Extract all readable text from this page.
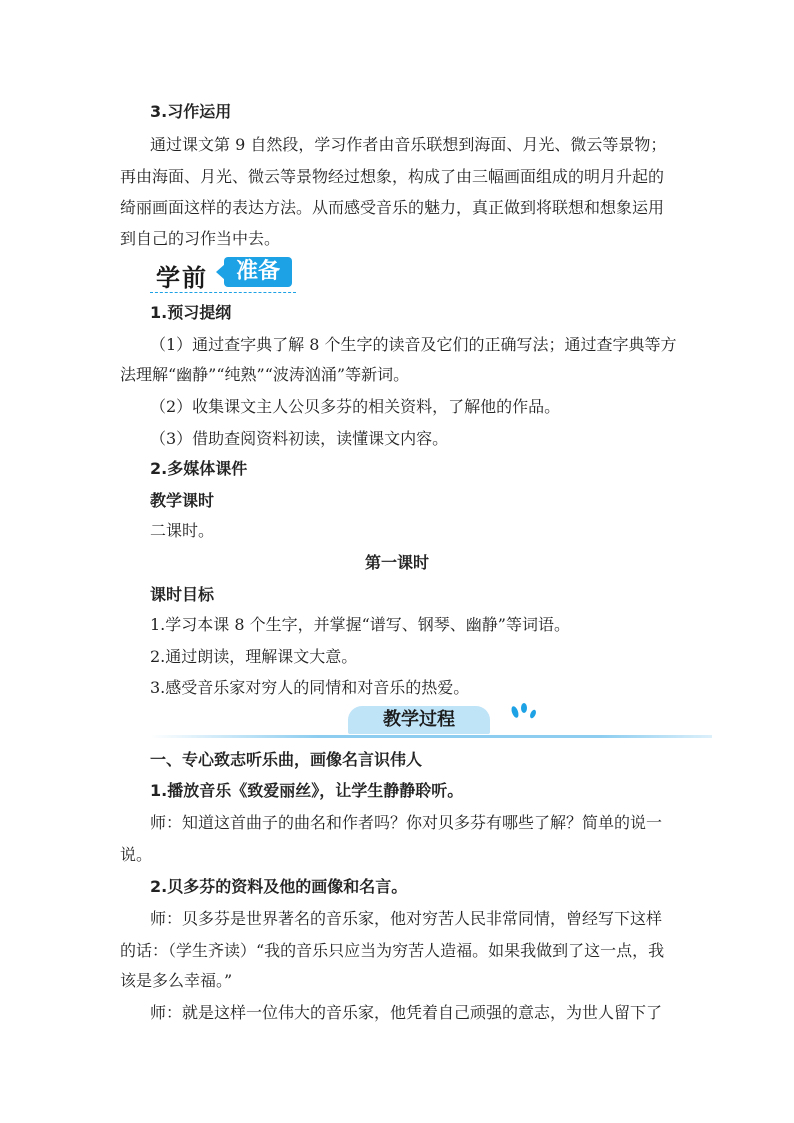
3.习作运用
通过课文第 9 自然段，学习作者由音乐联想到海面、月光、微云等景物；
再由海面、月光、微云等景物经过想象，构成了由三幅画面组成的明月升起的
绮丽画面这样的表达方法。从而感受音乐的魅力，真正做到将联想和想象运用
到自己的习作当中去。
学前	准备
1.预习提纲
（1）通过查字典了解 8 个生字的读音及它们的正确写法；通过查字典等方
法理解“幽静”“纯熟”“波涛汹涌”等新词。
（2）收集课文主人公贝多芬的相关资料，了解他的作品。
（3）借助查阅资料初读，读懂课文内容。
2.多媒体课件
教学课时
二课时。
第一课时
课时目标
1.学习本课 8 个生字，并掌握“谱写、钢琴、幽静”等词语。
2.通过朗读，理解课文大意。
3.感受音乐家对穷人的同情和对音乐的热爱。
教学过程
一、专心致志听乐曲，画像名言识伟人
1.播放音乐《致爱丽丝》，让学生静静聆听。
师：知道这首曲子的曲名和作者吗？你对贝多芬有哪些了解？简单的说一
说。
2.贝多芬的资料及他的画像和名言。
师：贝多芬是世界著名的音乐家，他对穷苦人民非常同情，曾经写下这样
的话：（学生齐读）“我的音乐只应当为穷苦人造福。如果我做到了这一点，我
该是多么幸福。”
师：就是这样一位伟大的音乐家，他凭着自己顽强的意志，为世人留下了
